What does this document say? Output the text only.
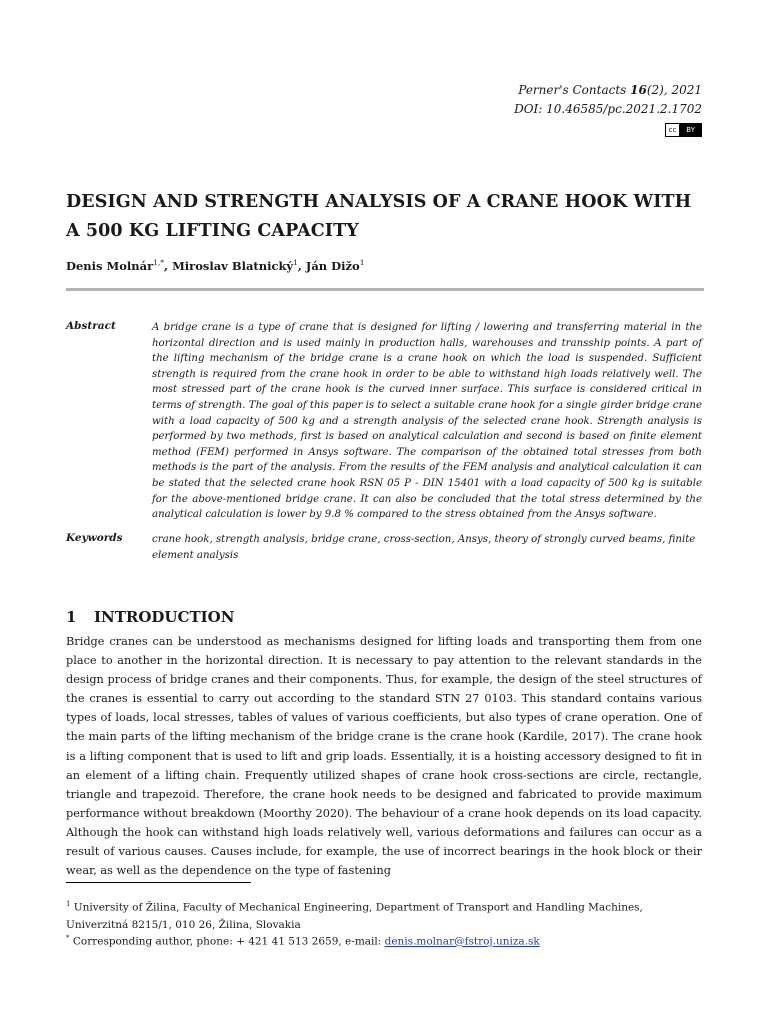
Perner's Contacts 16(2), 2021
DOI: 10.46585/pc.2021.2.1702
cc	BY
DESIGN AND STRENGTH ANALYSIS OF A CRANE HOOK WITH A 500 KG LIFTING CAPACITY
Denis Molnár$^{1,*}$, Miroslav Blatnický$^1$, Ján Dižo$^1$
Abstract	A bridge crane is a type of crane that is designed for lifting / lowering and transferring material in the horizontal direction and is used mainly in production halls, warehouses and transship points. A part of the lifting mechanism of the bridge crane is a crane hook on which the load is suspended. Sufficient strength is required from the crane hook in order to be able to withstand high loads relatively well. The most stressed part of the crane hook is the curved inner surface. This surface is considered critical in terms of strength. The goal of this paper is to select a suitable crane hook for a single girder bridge crane with a load capacity of 500 kg and a strength analysis of the selected crane hook. Strength analysis is performed by two methods, first is based on analytical calculation and second is based on finite element method (FEM) performed in Ansys software. The comparison of the obtained total stresses from both methods is the part of the analysis. From the results of the FEM analysis and analytical calculation it can be stated that the selected crane hook RSN 05 P - DIN 15401 with a load capacity of 500 kg is suitable for the above-mentioned bridge crane. It can also be concluded that the total stress determined by the analytical calculation is lower by 9.8 % compared to the stress obtained from the Ansys software.

Keywords	crane hook, strength analysis, bridge crane, cross-section, Ansys, theory of strongly curved beams, finite element analysis

1 INTRODUCTION

Bridge cranes can be understood as mechanisms designed for lifting loads and transporting them from one place to another in the horizontal direction. It is necessary to pay attention to the relevant standards in the design process of bridge cranes and their components. Thus, for example, the design of the steel structures of the cranes is essential to carry out according to the standard STN 27 0103. This standard contains various types of loads, local stresses, tables of values of various coefficients, but also types of crane operation. One of the main parts of the lifting mechanism of the bridge crane is the crane hook (Kardile, 2017). The crane hook is a lifting component that is used to lift and grip loads. Essentially, it is a hoisting accessory designed to fit in an element of a lifting chain. Frequently utilized shapes of crane hook cross-sections are circle, rectangle, triangle and trapezoid. Therefore, the crane hook needs to be designed and fabricated to provide maximum performance without breakdown (Moorthy 2020). The behaviour of a crane hook depends on its load capacity. Although the hook can withstand high loads relatively well, various deformations and failures can occur as a result of various causes. Causes include, for example, the use of incorrect bearings in the hook block or their wear, as well as the dependence on the type of fastening

$^1$ University of Žilina, Faculty of Mechanical Engineering, Department of Transport and Handling Machines, Univerzitná 8215/1, 010 26, Žilina, Slovakia

* Corresponding author, phone: + 421 41 513 2659, e-mail: denis.molnar@fstroj.uniza.sk
